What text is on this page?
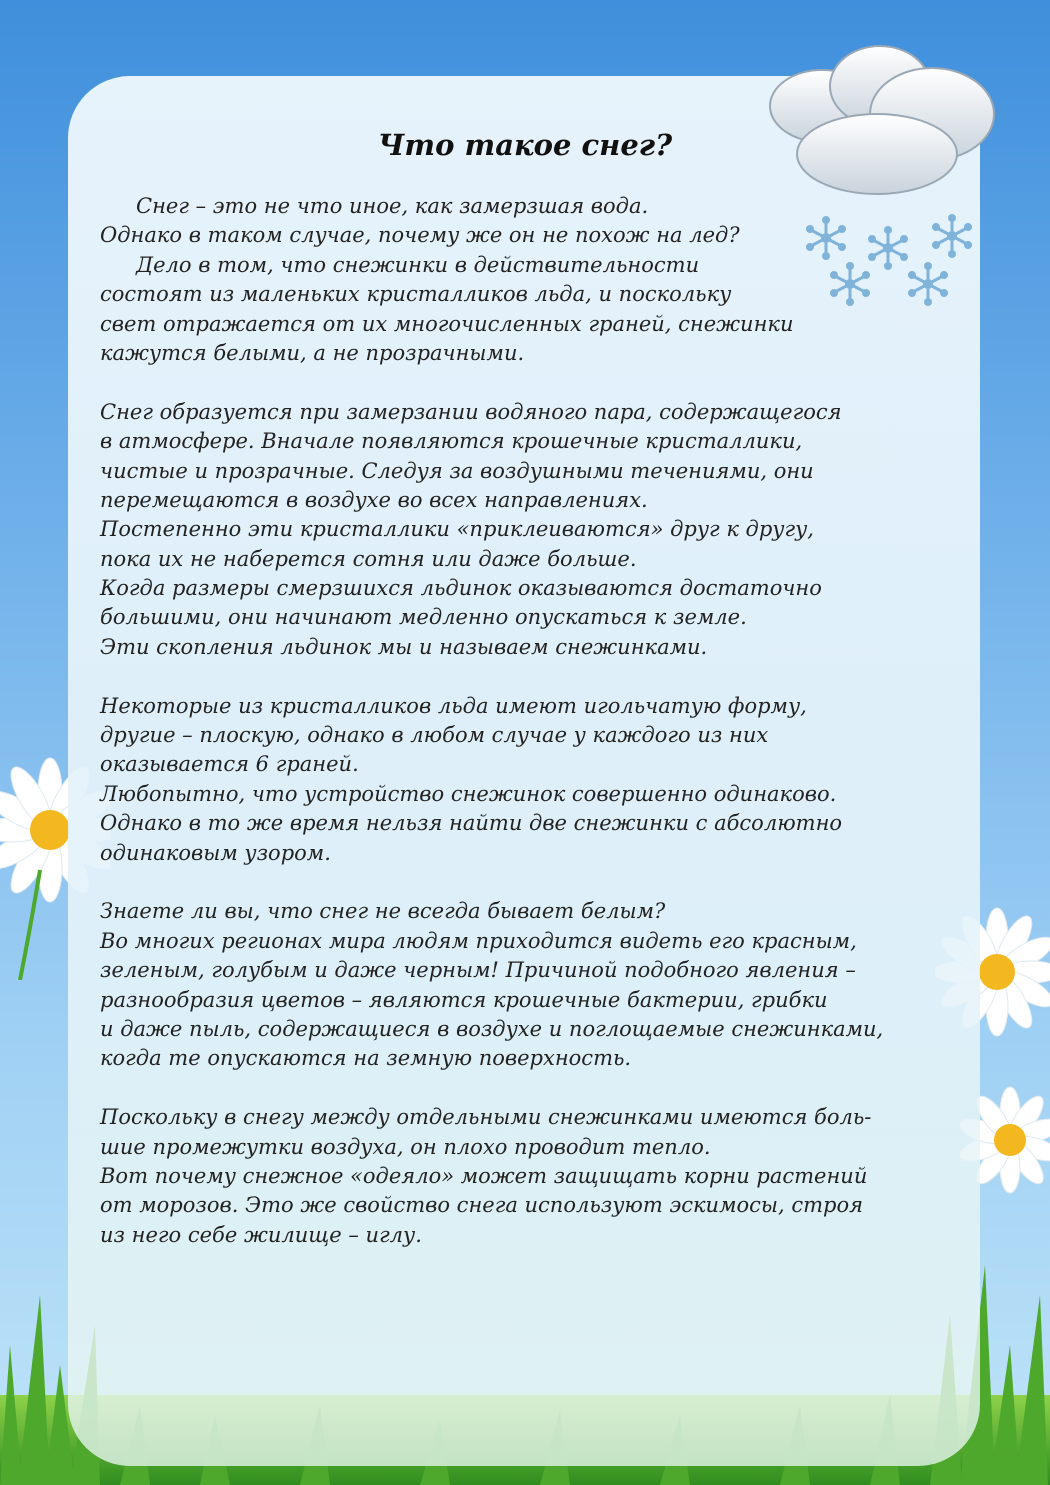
Что такое снег?
Снег – это не что иное, как замерзшая вода.
Однако в таком случае, почему же он не похож на лед?
Дело в том, что снежинки в действительности
состоят из маленьких кристалликов льда, и поскольку
свет отражается от их многочисленных граней, снежинки
кажутся белыми, а не прозрачными.
Снег образуется при замерзании водяного пара, содержащегося
в атмосфере. Вначале появляются крошечные кристаллики,
чистые и прозрачные. Следуя за воздушными течениями, они
перемещаются в воздухе во всех направлениях.
Постепенно эти кристаллики «приклеиваются» друг к другу,
пока их не наберется сотня или даже больше.
Когда размеры смерзшихся льдинок оказываются достаточно
большими, они начинают медленно опускаться к земле.
Эти скопления льдинок мы и называем снежинками.
Некоторые из кристалликов льда имеют игольчатую форму,
другие – плоскую, однако в любом случае у каждого из них
оказывается 6 граней.
Любопытно, что устройство снежинок совершенно одинаково.
Однако в то же время нельзя найти две снежинки с абсолютно
одинаковым узором.
Знаете ли вы, что снег не всегда бывает белым?
Во многих регионах мира людям приходится видеть его красным,
зеленым, голубым и даже черным! Причиной подобного явления –
разнообразия цветов – являются крошечные бактерии, грибки
и даже пыль, содержащиеся в воздухе и поглощаемые снежинками,
когда те опускаются на земную поверхность.
Поскольку в снегу между отдельными снежинками имеются боль-
шие промежутки воздуха, он плохо проводит тепло.
Вот почему снежное «одеяло» может защищать корни растений
от морозов. Это же свойство снега используют эскимосы, строя
из него себе жилище – иглу.
